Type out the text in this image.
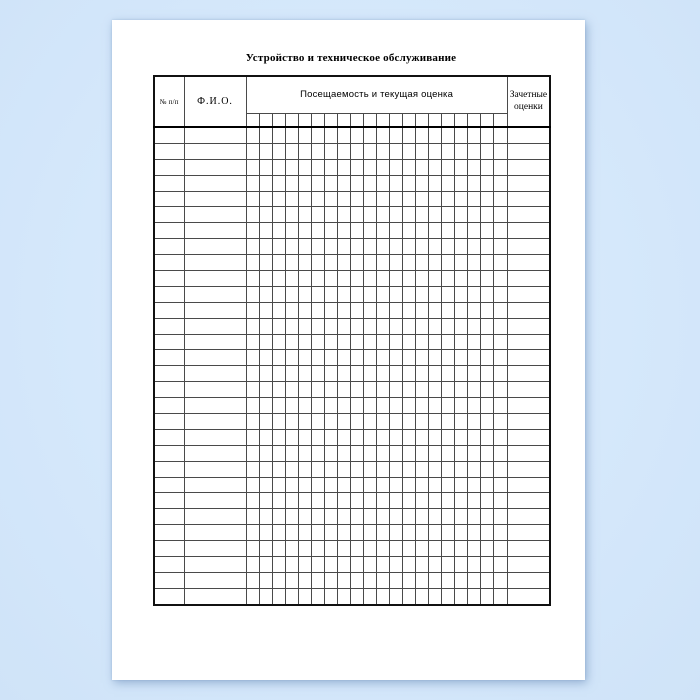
Устройство и техническое обслуживание
№ п/п	Ф.И.О.	Посещаемость и текущая оценка																				Зачетные оценки
